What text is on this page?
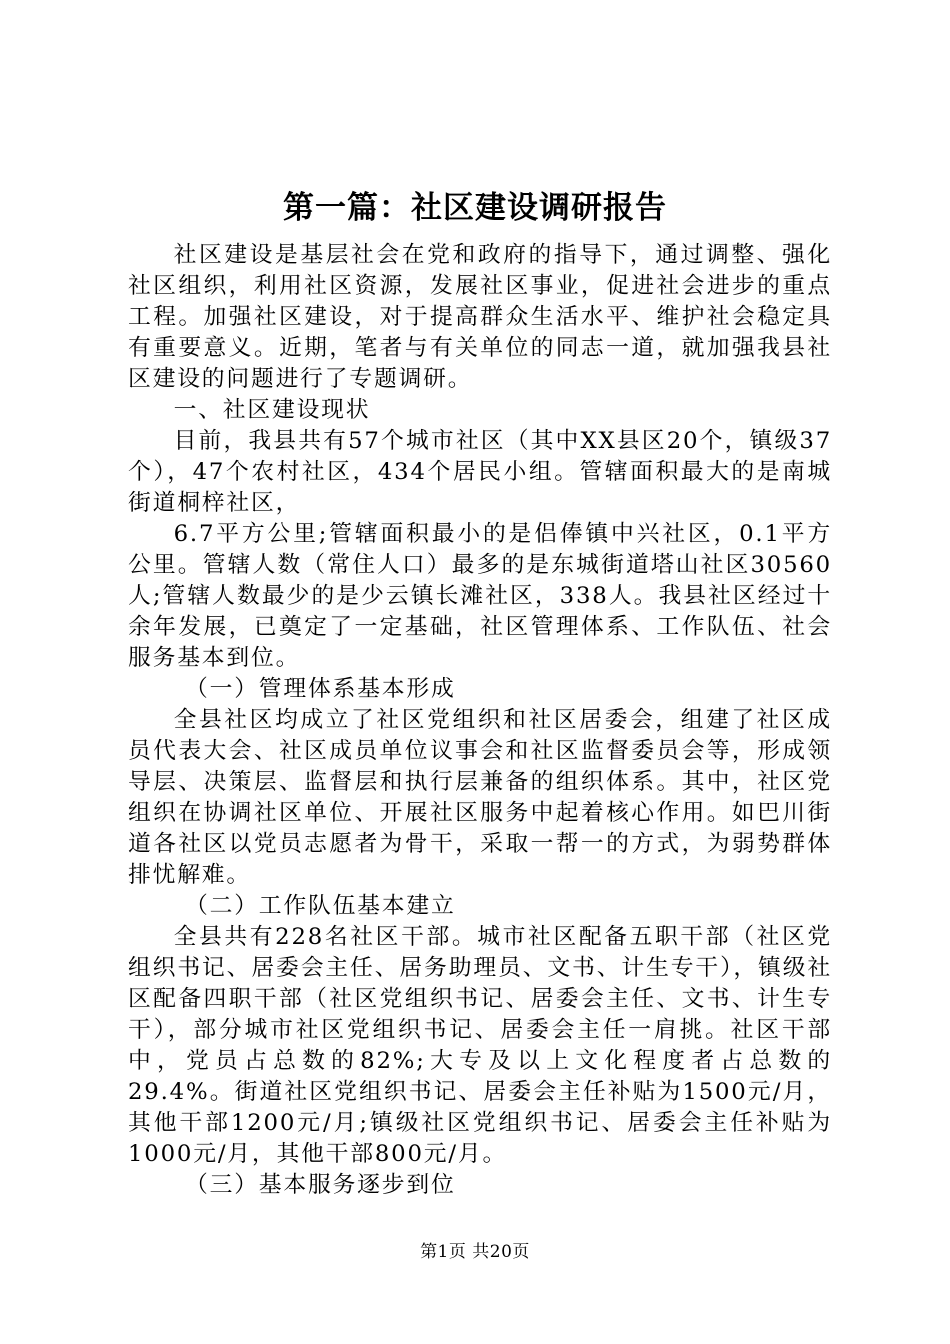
第一篇：社区建设调研报告

社区建设是基层社会在党和政府的指导下，通过调整、强化社区组织，利用社区资源，发展社区事业，促进社会进步的重点工程。加强社区建设，对于提高群众生活水平、维护社会稳定具有重要意义。近期，笔者与有关单位的同志一道，就加强我县社区建设的问题进行了专题调研。

一、社区建设现状

目前，我县共有57个城市社区（其中XX县区20个，镇级37个），47个农村社区，434个居民小组。管辖面积最大的是南城街道桐梓社区，

6.7平方公里;管辖面积最小的是侣俸镇中兴社区，0.1平方公里。管辖人数（常住人口）最多的是东城街道塔山社区30560人;管辖人数最少的是少云镇长滩社区，338人。我县社区经过十余年发展，已奠定了一定基础，社区管理体系、工作队伍、社会服务基本到位。

（一）管理体系基本形成

全县社区均成立了社区党组织和社区居委会，组建了社区成员代表大会、社区成员单位议事会和社区监督委员会等，形成领导层、决策层、监督层和执行层兼备的组织体系。其中，社区党组织在协调社区单位、开展社区服务中起着核心作用。如巴川街道各社区以党员志愿者为骨干，采取一帮一的方式，为弱势群体排忧解难。

（二）工作队伍基本建立

全县共有228名社区干部。城市社区配备五职干部（社区党组织书记、居委会主任、居务助理员、文书、计生专干），镇级社区配备四职干部（社区党组织书记、居委会主任、文书、计生专干），部分城市社区党组织书记、居委会主任一肩挑。社区干部中，党员占总数的82%;大专及以上文化程度者占总数的29.4%。街道社区党组织书记、居委会主任补贴为1500元/月，其他干部1200元/月;镇级社区党组织书记、居委会主任补贴为1000元/月，其他干部800元/月。

（三）基本服务逐步到位

第1页 共20页
